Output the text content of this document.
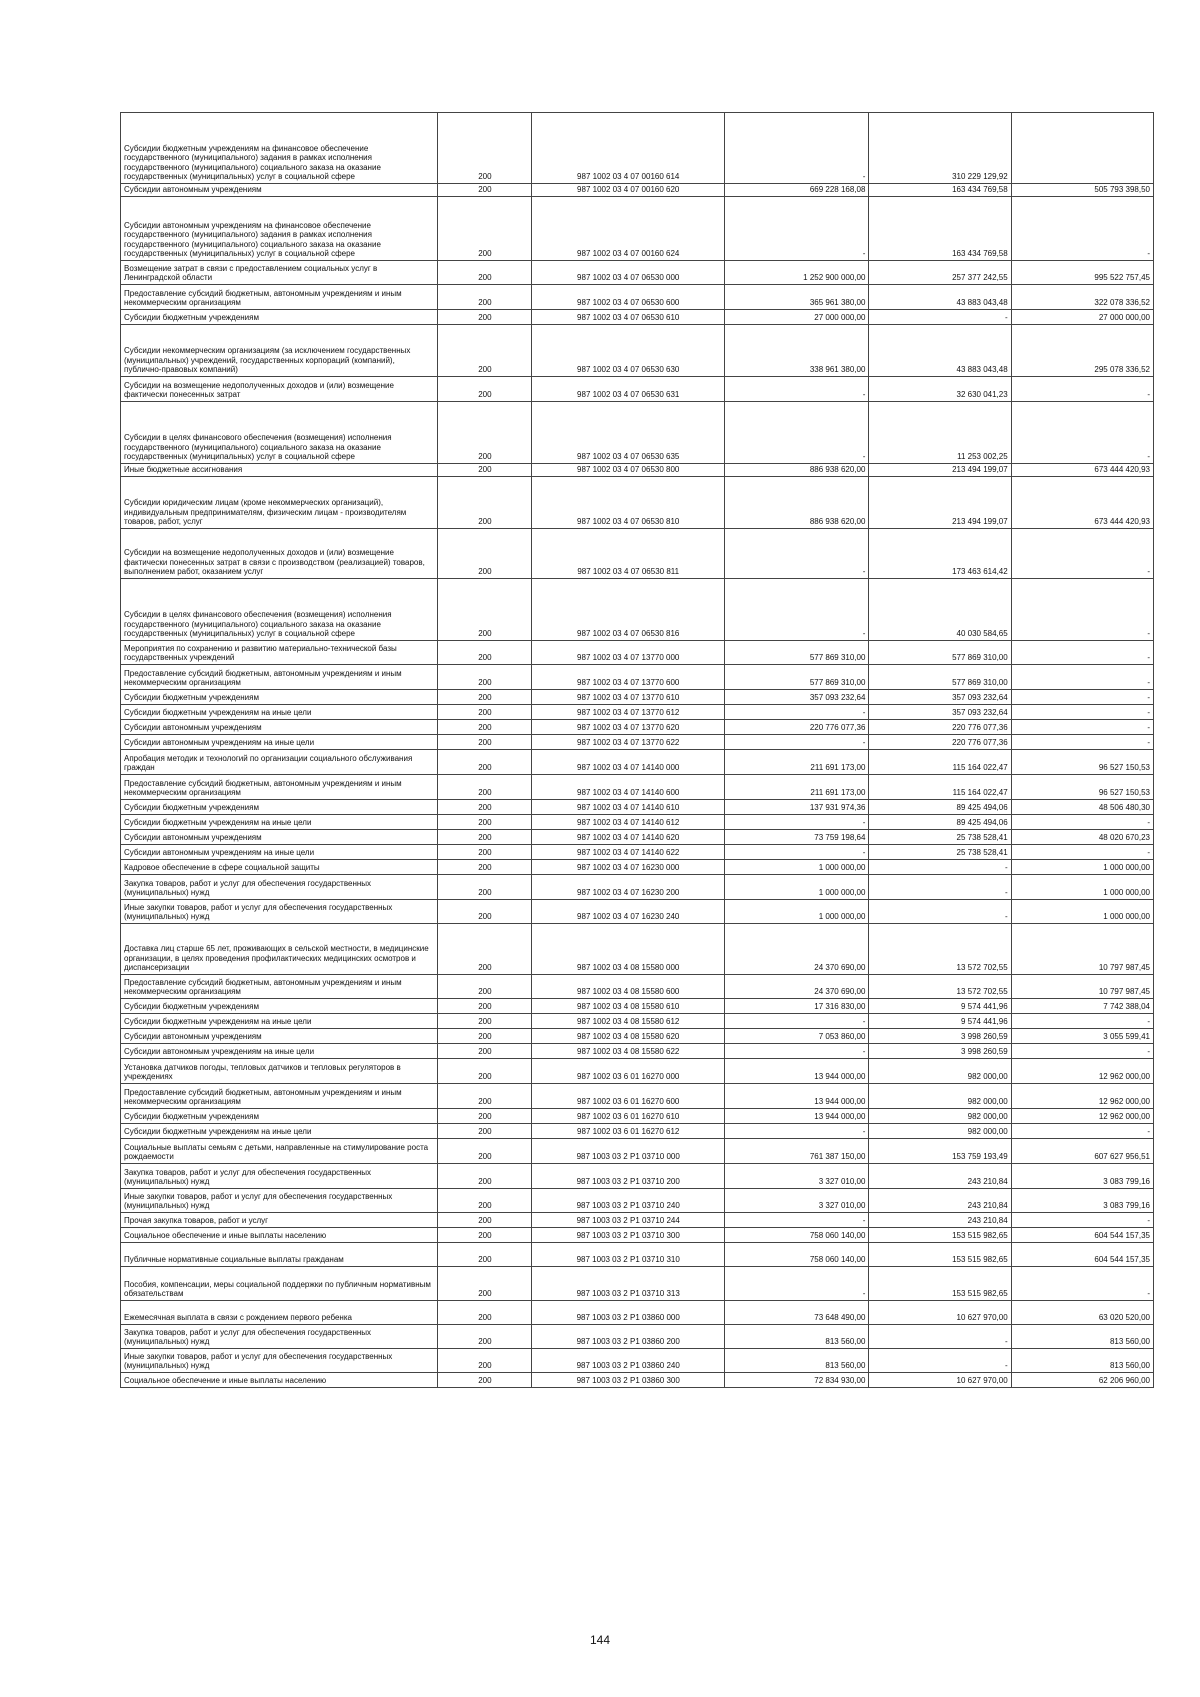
Субсидии бюджетным учреждениям на финансовое обеспечение государственного (муниципального) задания в рамках исполнения государственного (муниципального) социального заказа на оказание государственных (муниципальных) услуг в социальной сфере	200	987 1002 03 4 07 00160 614	-	310 229 129,92	
Субсидии автономным учреждениям	200	987 1002 03 4 07 00160 620	669 228 168,08	163 434 769,58	505 793 398,50
Субсидии автономным учреждениям на финансовое обеспечение государственного (муниципального) задания в рамках исполнения государственного (муниципального) социального заказа на оказание государственных (муниципальных) услуг в социальной сфере	200	987 1002 03 4 07 00160 624	-	163 434 769,58	-
Возмещение затрат в связи с предоставлением социальных услуг в Ленинградской области	200	987 1002 03 4 07 06530 000	1 252 900 000,00	257 377 242,55	995 522 757,45
Предоставление субсидий бюджетным, автономным учреждениям и иным некоммерческим организациям	200	987 1002 03 4 07 06530 600	365 961 380,00	43 883 043,48	322 078 336,52
Субсидии бюджетным учреждениям	200	987 1002 03 4 07 06530 610	27 000 000,00	-	27 000 000,00
Субсидии некоммерческим организациям (за исключением государственных (муниципальных) учреждений, государственных корпораций (компаний), публично-правовых компаний)	200	987 1002 03 4 07 06530 630	338 961 380,00	43 883 043,48	295 078 336,52
Субсидии на возмещение недополученных доходов и (или) возмещение фактически понесенных затрат	200	987 1002 03 4 07 06530 631	-	32 630 041,23	-
Субсидии в целях финансового обеспечения (возмещения) исполнения государственного (муниципального) социального заказа на оказание государственных (муниципальных) услуг в социальной сфере	200	987 1002 03 4 07 06530 635	-	11 253 002,25	-
Иные бюджетные ассигнования	200	987 1002 03 4 07 06530 800	886 938 620,00	213 494 199,07	673 444 420,93
Субсидии юридическим лицам (кроме некоммерческих организаций), индивидуальным предпринимателям, физическим лицам - производителям товаров, работ, услуг	200	987 1002 03 4 07 06530 810	886 938 620,00	213 494 199,07	673 444 420,93
Субсидии на возмещение недополученных доходов и (или) возмещение фактически понесенных затрат в связи с производством (реализацией) товаров, выполнением работ, оказанием услуг	200	987 1002 03 4 07 06530 811	-	173 463 614,42	-
Субсидии в целях финансового обеспечения (возмещения) исполнения государственного (муниципального) социального заказа на оказание государственных (муниципальных) услуг в социальной сфере	200	987 1002 03 4 07 06530 816	-	40 030 584,65	-
Мероприятия по сохранению и развитию материально-технической базы государственных учреждений	200	987 1002 03 4 07 13770 000	577 869 310,00	577 869 310,00	-
Предоставление субсидий бюджетным, автономным учреждениям и иным некоммерческим организациям	200	987 1002 03 4 07 13770 600	577 869 310,00	577 869 310,00	-
Субсидии бюджетным учреждениям	200	987 1002 03 4 07 13770 610	357 093 232,64	357 093 232,64	-
Субсидии бюджетным учреждениям на иные цели	200	987 1002 03 4 07 13770 612	-	357 093 232,64	-
Субсидии автономным учреждениям	200	987 1002 03 4 07 13770 620	220 776 077,36	220 776 077,36	-
Субсидии автономным учреждениям на иные цели	200	987 1002 03 4 07 13770 622	-	220 776 077,36	-
Апробация методик и технологий по организации социального обслуживания граждан	200	987 1002 03 4 07 14140 000	211 691 173,00	115 164 022,47	96 527 150,53
Предоставление субсидий бюджетным, автономным учреждениям и иным некоммерческим организациям	200	987 1002 03 4 07 14140 600	211 691 173,00	115 164 022,47	96 527 150,53
Субсидии бюджетным учреждениям	200	987 1002 03 4 07 14140 610	137 931 974,36	89 425 494,06	48 506 480,30
Субсидии бюджетным учреждениям на иные цели	200	987 1002 03 4 07 14140 612	-	89 425 494,06	-
Субсидии автономным учреждениям	200	987 1002 03 4 07 14140 620	73 759 198,64	25 738 528,41	48 020 670,23
Субсидии автономным учреждениям на иные цели	200	987 1002 03 4 07 14140 622	-	25 738 528,41	-
Кадровое обеспечение в сфере социальной защиты	200	987 1002 03 4 07 16230 000	1 000 000,00	-	1 000 000,00
Закупка товаров, работ и услуг для обеспечения государственных (муниципальных) нужд	200	987 1002 03 4 07 16230 200	1 000 000,00	-	1 000 000,00
Иные закупки товаров, работ и услуг для обеспечения государственных (муниципальных) нужд	200	987 1002 03 4 07 16230 240	1 000 000,00	-	1 000 000,00
Доставка лиц старше 65 лет, проживающих в сельской местности, в медицинские организации, в целях проведения профилактических медицинских осмотров и диспансеризации	200	987 1002 03 4 08 15580 000	24 370 690,00	13 572 702,55	10 797 987,45
Предоставление субсидий бюджетным, автономным учреждениям и иным некоммерческим организациям	200	987 1002 03 4 08 15580 600	24 370 690,00	13 572 702,55	10 797 987,45
Субсидии бюджетным учреждениям	200	987 1002 03 4 08 15580 610	17 316 830,00	9 574 441,96	7 742 388,04
Субсидии бюджетным учреждениям на иные цели	200	987 1002 03 4 08 15580 612	-	9 574 441,96	-
Субсидии автономным учреждениям	200	987 1002 03 4 08 15580 620	7 053 860,00	3 998 260,59	3 055 599,41
Субсидии автономным учреждениям на иные цели	200	987 1002 03 4 08 15580 622	-	3 998 260,59	-
Установка датчиков погоды, тепловых датчиков и тепловых регуляторов в учреждениях	200	987 1002 03 6 01 16270 000	13 944 000,00	982 000,00	12 962 000,00
Предоставление субсидий бюджетным, автономным учреждениям и иным некоммерческим организациям	200	987 1002 03 6 01 16270 600	13 944 000,00	982 000,00	12 962 000,00
Субсидии бюджетным учреждениям	200	987 1002 03 6 01 16270 610	13 944 000,00	982 000,00	12 962 000,00
Субсидии бюджетным учреждениям на иные цели	200	987 1002 03 6 01 16270 612	-	982 000,00	-
Социальные выплаты семьям с детьми, направленные на стимулирование роста рождаемости	200	987 1003 03 2 Р1 03710 000	761 387 150,00	153 759 193,49	607 627 956,51
Закупка товаров, работ и услуг для обеспечения государственных (муниципальных) нужд	200	987 1003 03 2 Р1 03710 200	3 327 010,00	243 210,84	3 083 799,16
Иные закупки товаров, работ и услуг для обеспечения государственных (муниципальных) нужд	200	987 1003 03 2 Р1 03710 240	3 327 010,00	243 210,84	3 083 799,16
Прочая закупка товаров, работ и услуг	200	987 1003 03 2 Р1 03710 244	-	243 210,84	-
Социальное обеспечение и иные выплаты населению	200	987 1003 03 2 Р1 03710 300	758 060 140,00	153 515 982,65	604 544 157,35
Публичные нормативные социальные выплаты гражданам	200	987 1003 03 2 Р1 03710 310	758 060 140,00	153 515 982,65	604 544 157,35
Пособия, компенсации, меры социальной поддержки по публичным нормативным обязательствам	200	987 1003 03 2 Р1 03710 313	-	153 515 982,65	-
Ежемесячная выплата в связи с рождением первого ребенка	200	987 1003 03 2 Р1 03860 000	73 648 490,00	10 627 970,00	63 020 520,00
Закупка товаров, работ и услуг для обеспечения государственных (муниципальных) нужд	200	987 1003 03 2 Р1 03860 200	813 560,00	-	813 560,00
Иные закупки товаров, работ и услуг для обеспечения государственных (муниципальных) нужд	200	987 1003 03 2 Р1 03860 240	813 560,00	-	813 560,00
Социальное обеспечение и иные выплаты населению	200	987 1003 03 2 Р1 03860 300	72 834 930,00	10 627 970,00	62 206 960,00
144
